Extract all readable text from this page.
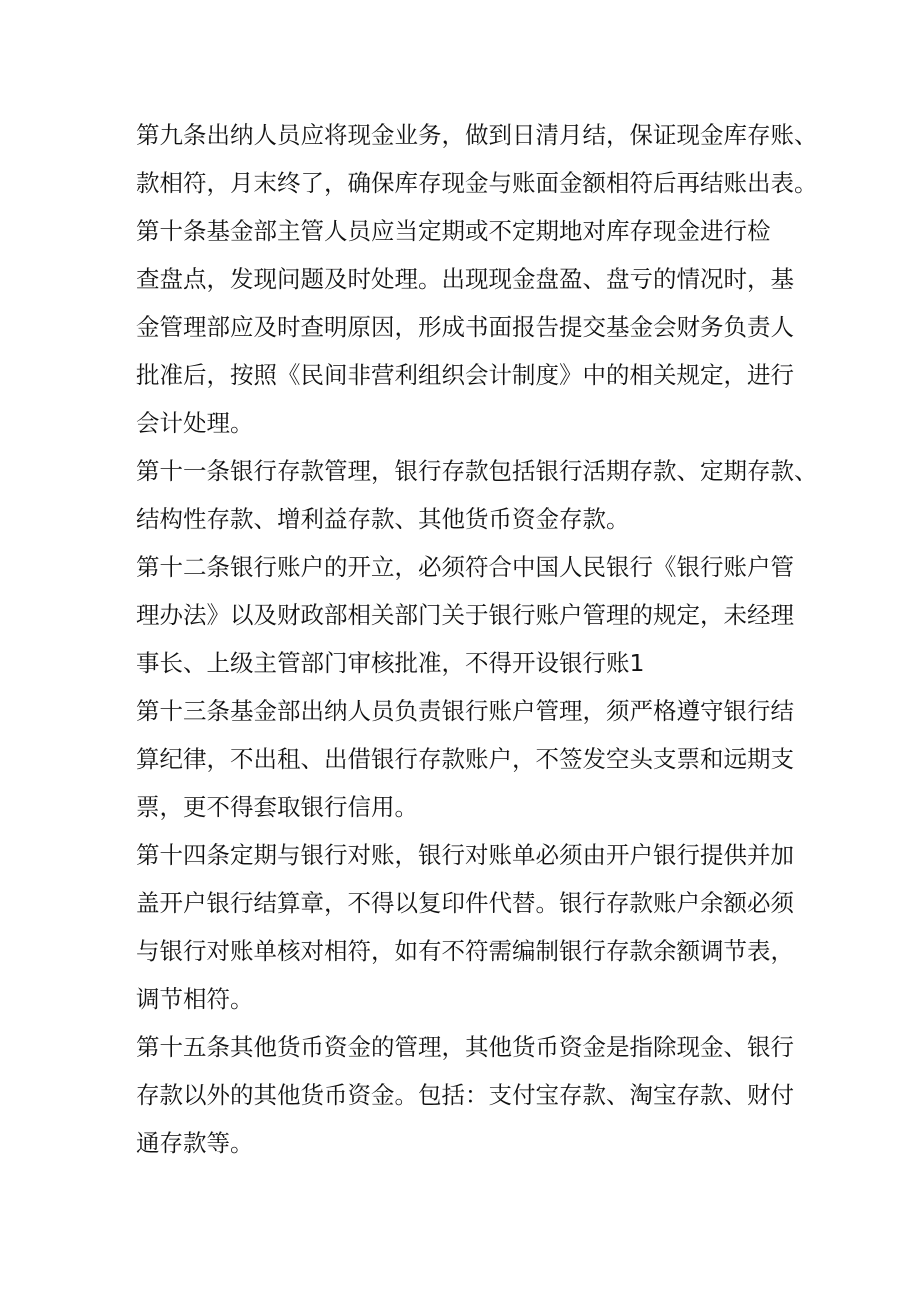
第九条出纳人员应将现金业务，做到日清月结，保证现金库存账、
款相符，月末终了，确保库存现金与账面金额相符后再结账出表。
第十条基金部主管人员应当定期或不定期地对库存现金进行检
查盘点，发现问题及时处理。出现现金盘盈、盘亏的情况时，基
金管理部应及时查明原因，形成书面报告提交基金会财务负责人
批准后，按照《民间非营利组织会计制度》中的相关规定，进行
会计处理。
第十一条银行存款管理，银行存款包括银行活期存款、定期存款、
结构性存款、增利益存款、其他货币资金存款。
第十二条银行账户的开立，必须符合中国人民银行《银行账户管
理办法》以及财政部相关部门关于银行账户管理的规定，未经理
事长、上级主管部门审核批准，不得开设银行账1
第十三条基金部出纳人员负责银行账户管理，须严格遵守银行结
算纪律，不出租、出借银行存款账户，不签发空头支票和远期支
票，更不得套取银行信用。
第十四条定期与银行对账，银行对账单必须由开户银行提供并加
盖开户银行结算章，不得以复印件代替。银行存款账户余额必须
与银行对账单核对相符，如有不符需编制银行存款余额调节表，
调节相符。
第十五条其他货币资金的管理，其他货币资金是指除现金、银行
存款以外的其他货币资金。包括：支付宝存款、淘宝存款、财付
通存款等。
